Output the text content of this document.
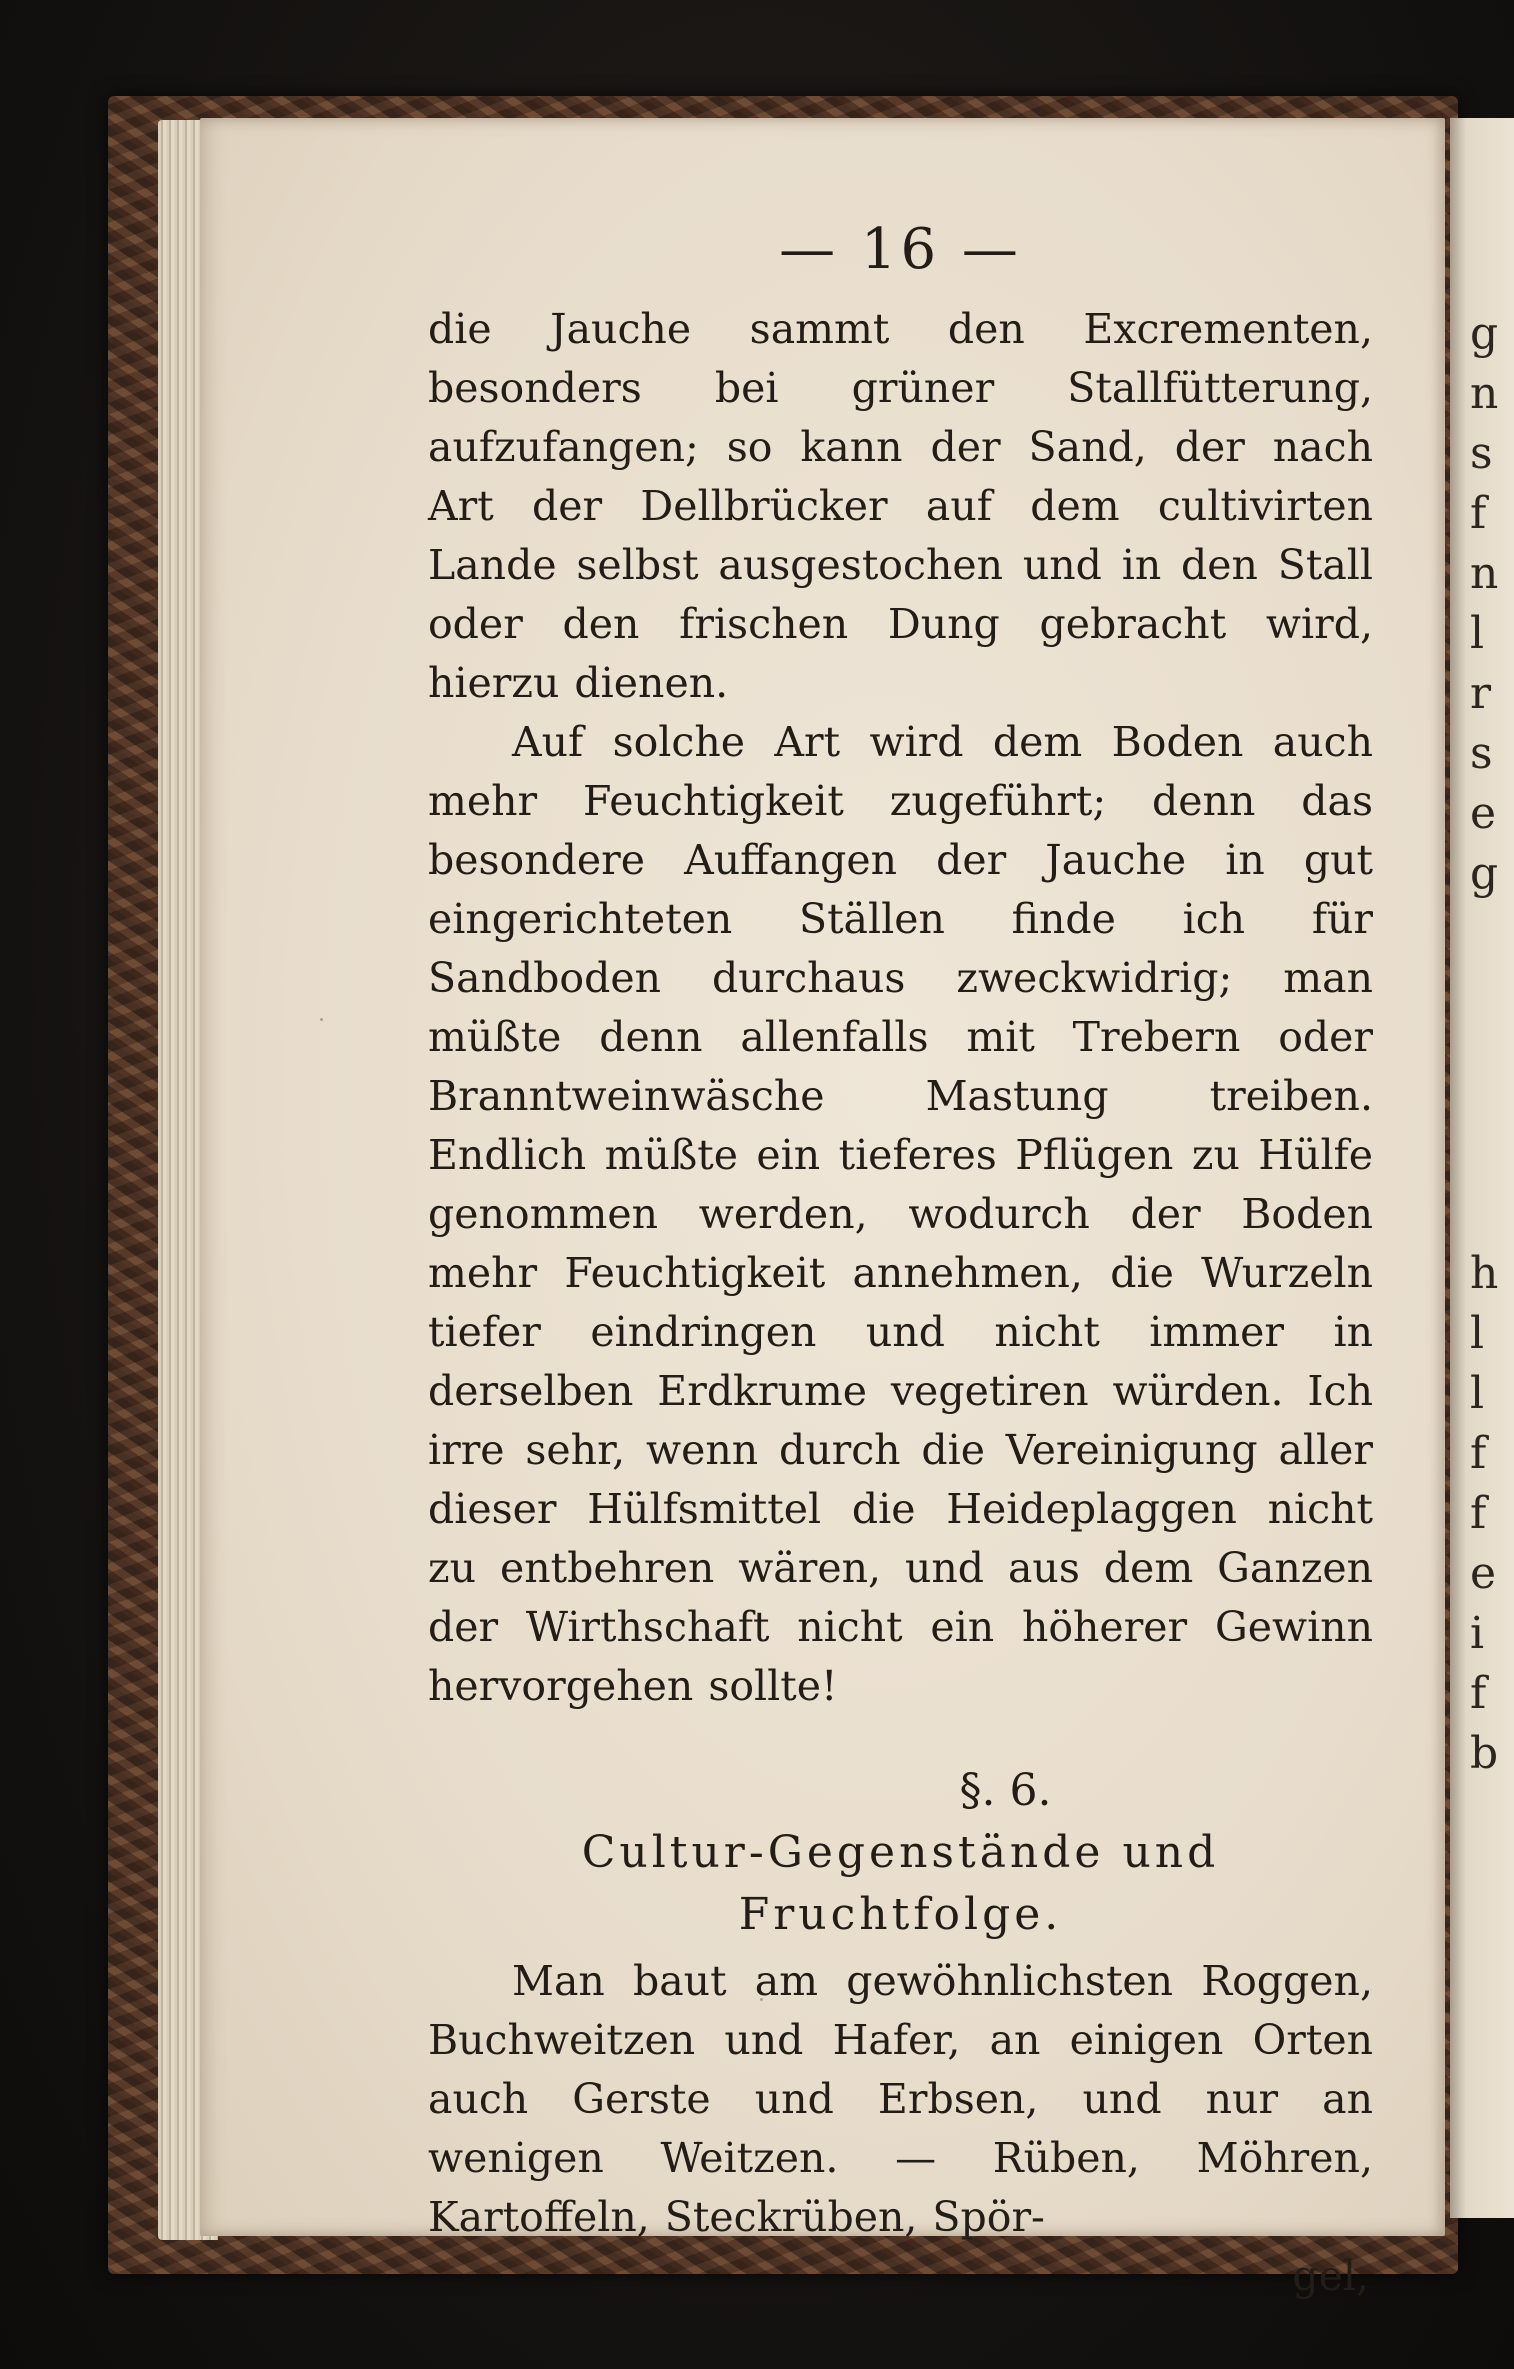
— 16 —

die Jauche sammt den Excrementen, besonders bei grüner Stallfütterung, aufzufangen; so kann der Sand, der nach Art der Dellbrücker auf dem cultivirten Lande selbst ausgestochen und in den Stall oder den frischen Dung gebracht wird, hierzu dienen.

Auf solche Art wird dem Boden auch mehr Feuchtigkeit zugeführt; denn das besondere Auffangen der Jauche in gut eingerichteten Ställen finde ich für Sandboden durchaus zweckwidrig; man müßte denn allenfalls mit Trebern oder Branntweinwäsche Mastung treiben. Endlich müßte ein tieferes Pflügen zu Hülfe genommen werden, wodurch der Boden mehr Feuchtigkeit annehmen, die Wurzeln tiefer eindringen und nicht immer in derselben Erdkrume vegetiren würden. Ich irre sehr, wenn durch die Vereinigung aller dieser Hülfsmittel die Heideplaggen nicht zu entbehren wären, und aus dem Ganzen der Wirthschaft nicht ein höherer Gewinn hervorgehen sollte!

§. 6.
Cultur-Gegenstände und Fruchtfolge.

Man baut am gewöhnlichsten Roggen, Buchweitzen und Hafer, an einigen Orten auch Gerste und Erbsen, und nur an wenigen Weitzen. — Rüben, Möhren, Kartoffeln, Steckrüben, Spör-

gel,
g
n
s
f
n
l
r
s
e
g
h
l
l
f
f
e
i
f
b
